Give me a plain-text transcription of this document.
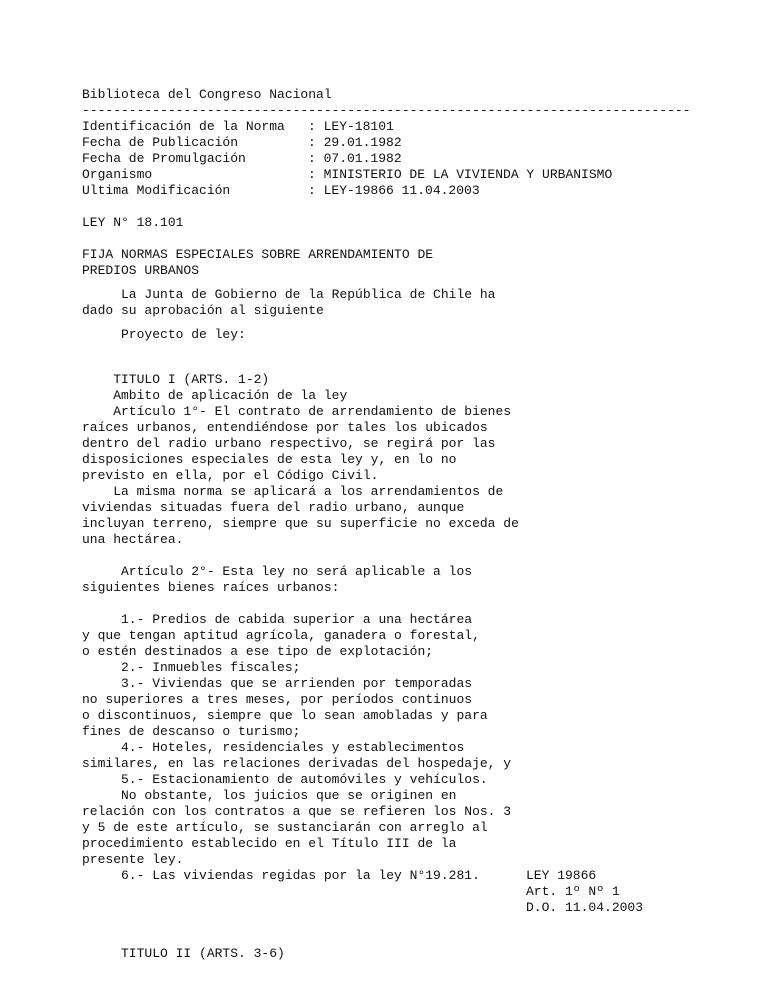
Biblioteca del Congreso Nacional
------------------------------------------------------------------------------
Identificación de la Norma : LEY-18101
Fecha de Publicación	: 29.01.1982
Fecha de Promulgación	: 07.01.1982
Organismo	: MINISTERIO DE LA VIVIENDA Y URBANISMO
Ultima Modificación	: LEY-19866 11.04.2003
LEY N° 18.101
FIJA NORMAS ESPECIALES SOBRE ARRENDAMIENTO DE
PREDIOS URBANOS
La Junta de Gobierno de la República de Chile ha
dado su aprobación al siguiente
Proyecto de ley:
TITULO I (ARTS. 1-2)
Ambito de aplicación de la ley
Artículo 1°- El contrato de arrendamiento de bienes
raíces urbanos, entendiéndose por tales los ubicados
dentro del radio urbano respectivo, se regirá por las
disposiciones especiales de esta ley y, en lo no
previsto en ella, por el Código Civil.
La misma norma se aplicará a los arrendamientos de
viviendas situadas fuera del radio urbano, aunque
incluyan terreno, siempre que su superficie no exceda de
una hectárea.
Artículo 2°- Esta ley no será aplicable a los
siguientes bienes raíces urbanos:
1.- Predios de cabida superior a una hectárea
y que tengan aptitud agrícola, ganadera o forestal,
o estén destinados a ese tipo de explotación;
2.- Inmuebles fiscales;
3.- Viviendas que se arrienden por temporadas
no superiores a tres meses, por períodos continuos
o discontinuos, siempre que lo sean amobladas y para
fines de descanso o turismo;
4.- Hoteles, residenciales y establecimentos
similares, en las relaciones derivadas del hospedaje, y
5.- Estacionamiento de automóviles y vehículos.
No obstante, los juicios que se originen en
relación con los contratos a que se refieren los Nos. 3
y 5 de este artículo, se sustanciarán con arreglo al
procedimiento establecido en el Título III de la
presente ley.
6.- Las viviendas regidas por la ley N°19.281.	LEY 19866
Art. 1º Nº 1
D.O. 11.04.2003
TITULO II (ARTS. 3-6)
